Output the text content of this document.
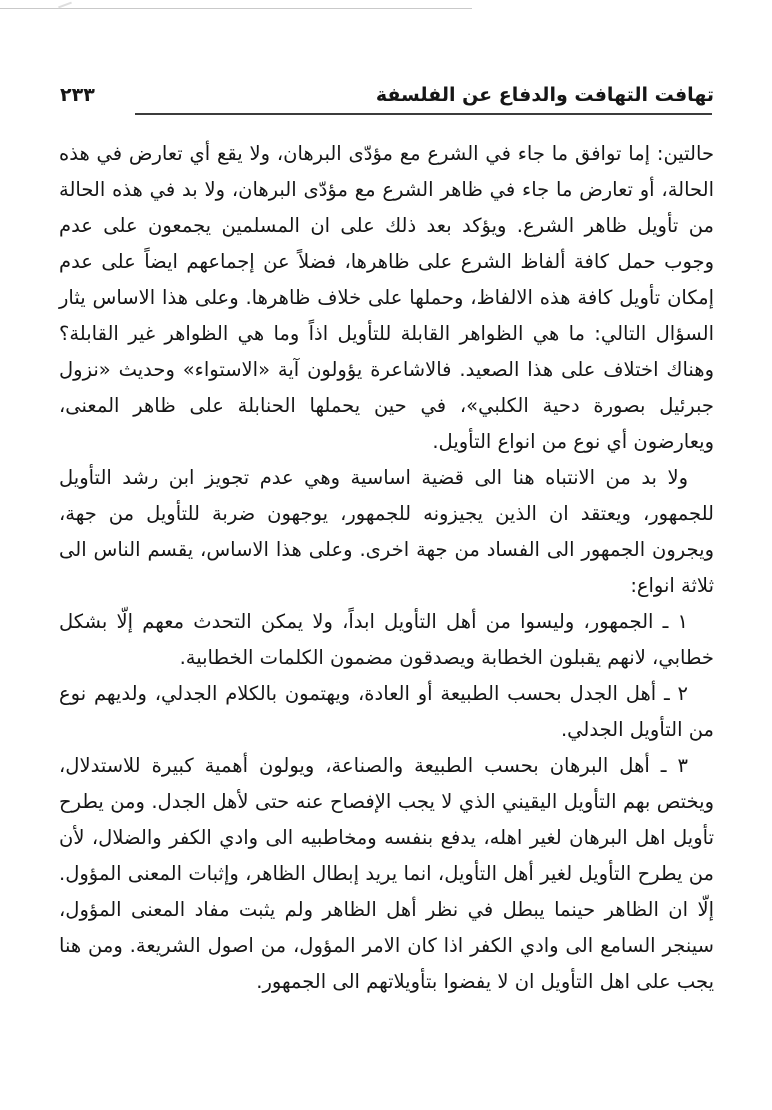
تهافت التهافت والدفاع عن الفلسفة
٢٣٣

حالتين: إما توافق ما جاء في الشرع مع مؤدّى البرهان، ولا يقع أي تعارض في هذه الحالة، أو تعارض ما جاء في ظاهر الشرع مع مؤدّى البرهان، ولا بد في هذه الحالة من تأويل ظاهر الشرع. ويؤكد بعد ذلك على ان المسلمين يجمعون على عدم وجوب حمل كافة ألفاظ الشرع على ظاهرها، فضلاً عن إجماعهم ايضاً على عدم إمكان تأويل كافة هذه الالفاظ، وحملها على خلاف ظاهرها. وعلى هذا الاساس يثار السؤال التالي: ما هي الظواهر القابلة للتأويل اذاً وما هي الظواهر غير القابلة؟ وهناك اختلاف على هذا الصعيد. فالاشاعرة يؤولون آية «الاستواء» وحديث «نزول جبرئيل بصورة دحية الكلبي»، في حين يحملها الحنابلة على ظاهر المعنى، ويعارضون أي نوع من انواع التأويل.

ولا بد من الانتباه هنا الى قضية اساسية وهي عدم تجويز ابن رشد التأويل للجمهور، ويعتقد ان الذين يجيزونه للجمهور، يوجهون ضربة للتأويل من جهة، ويجرون الجمهور الى الفساد من جهة اخرى. وعلى هذا الاساس، يقسم الناس الى ثلاثة انواع:

١ ـ الجمهور، وليسوا من أهل التأويل ابداً، ولا يمكن التحدث معهم إلّا بشكل خطابي، لانهم يقبلون الخطابة ويصدقون مضمون الكلمات الخطابية.

٢ ـ أهل الجدل بحسب الطبيعة أو العادة، ويهتمون بالكلام الجدلي، ولديهم نوع من التأويل الجدلي.

٣ ـ أهل البرهان بحسب الطبيعة والصناعة، ويولون أهمية كبيرة للاستدلال، ويختص بهم التأويل اليقيني الذي لا يجب الإفصاح عنه حتى لأهل الجدل. ومن يطرح تأويل اهل البرهان لغير اهله، يدفع بنفسه ومخاطبيه الى وادي الكفر والضلال، لأن من يطرح التأويل لغير أهل التأويل، انما يريد إبطال الظاهر، وإثبات المعنى المؤول. إلّا ان الظاهر حينما يبطل في نظر أهل الظاهر ولم يثبت مفاد المعنى المؤول، سينجر السامع الى وادي الكفر اذا كان الامر المؤول، من اصول الشريعة. ومن هنا يجب على اهل التأويل ان لا يفضوا بتأويلاتهم الى الجمهور.
